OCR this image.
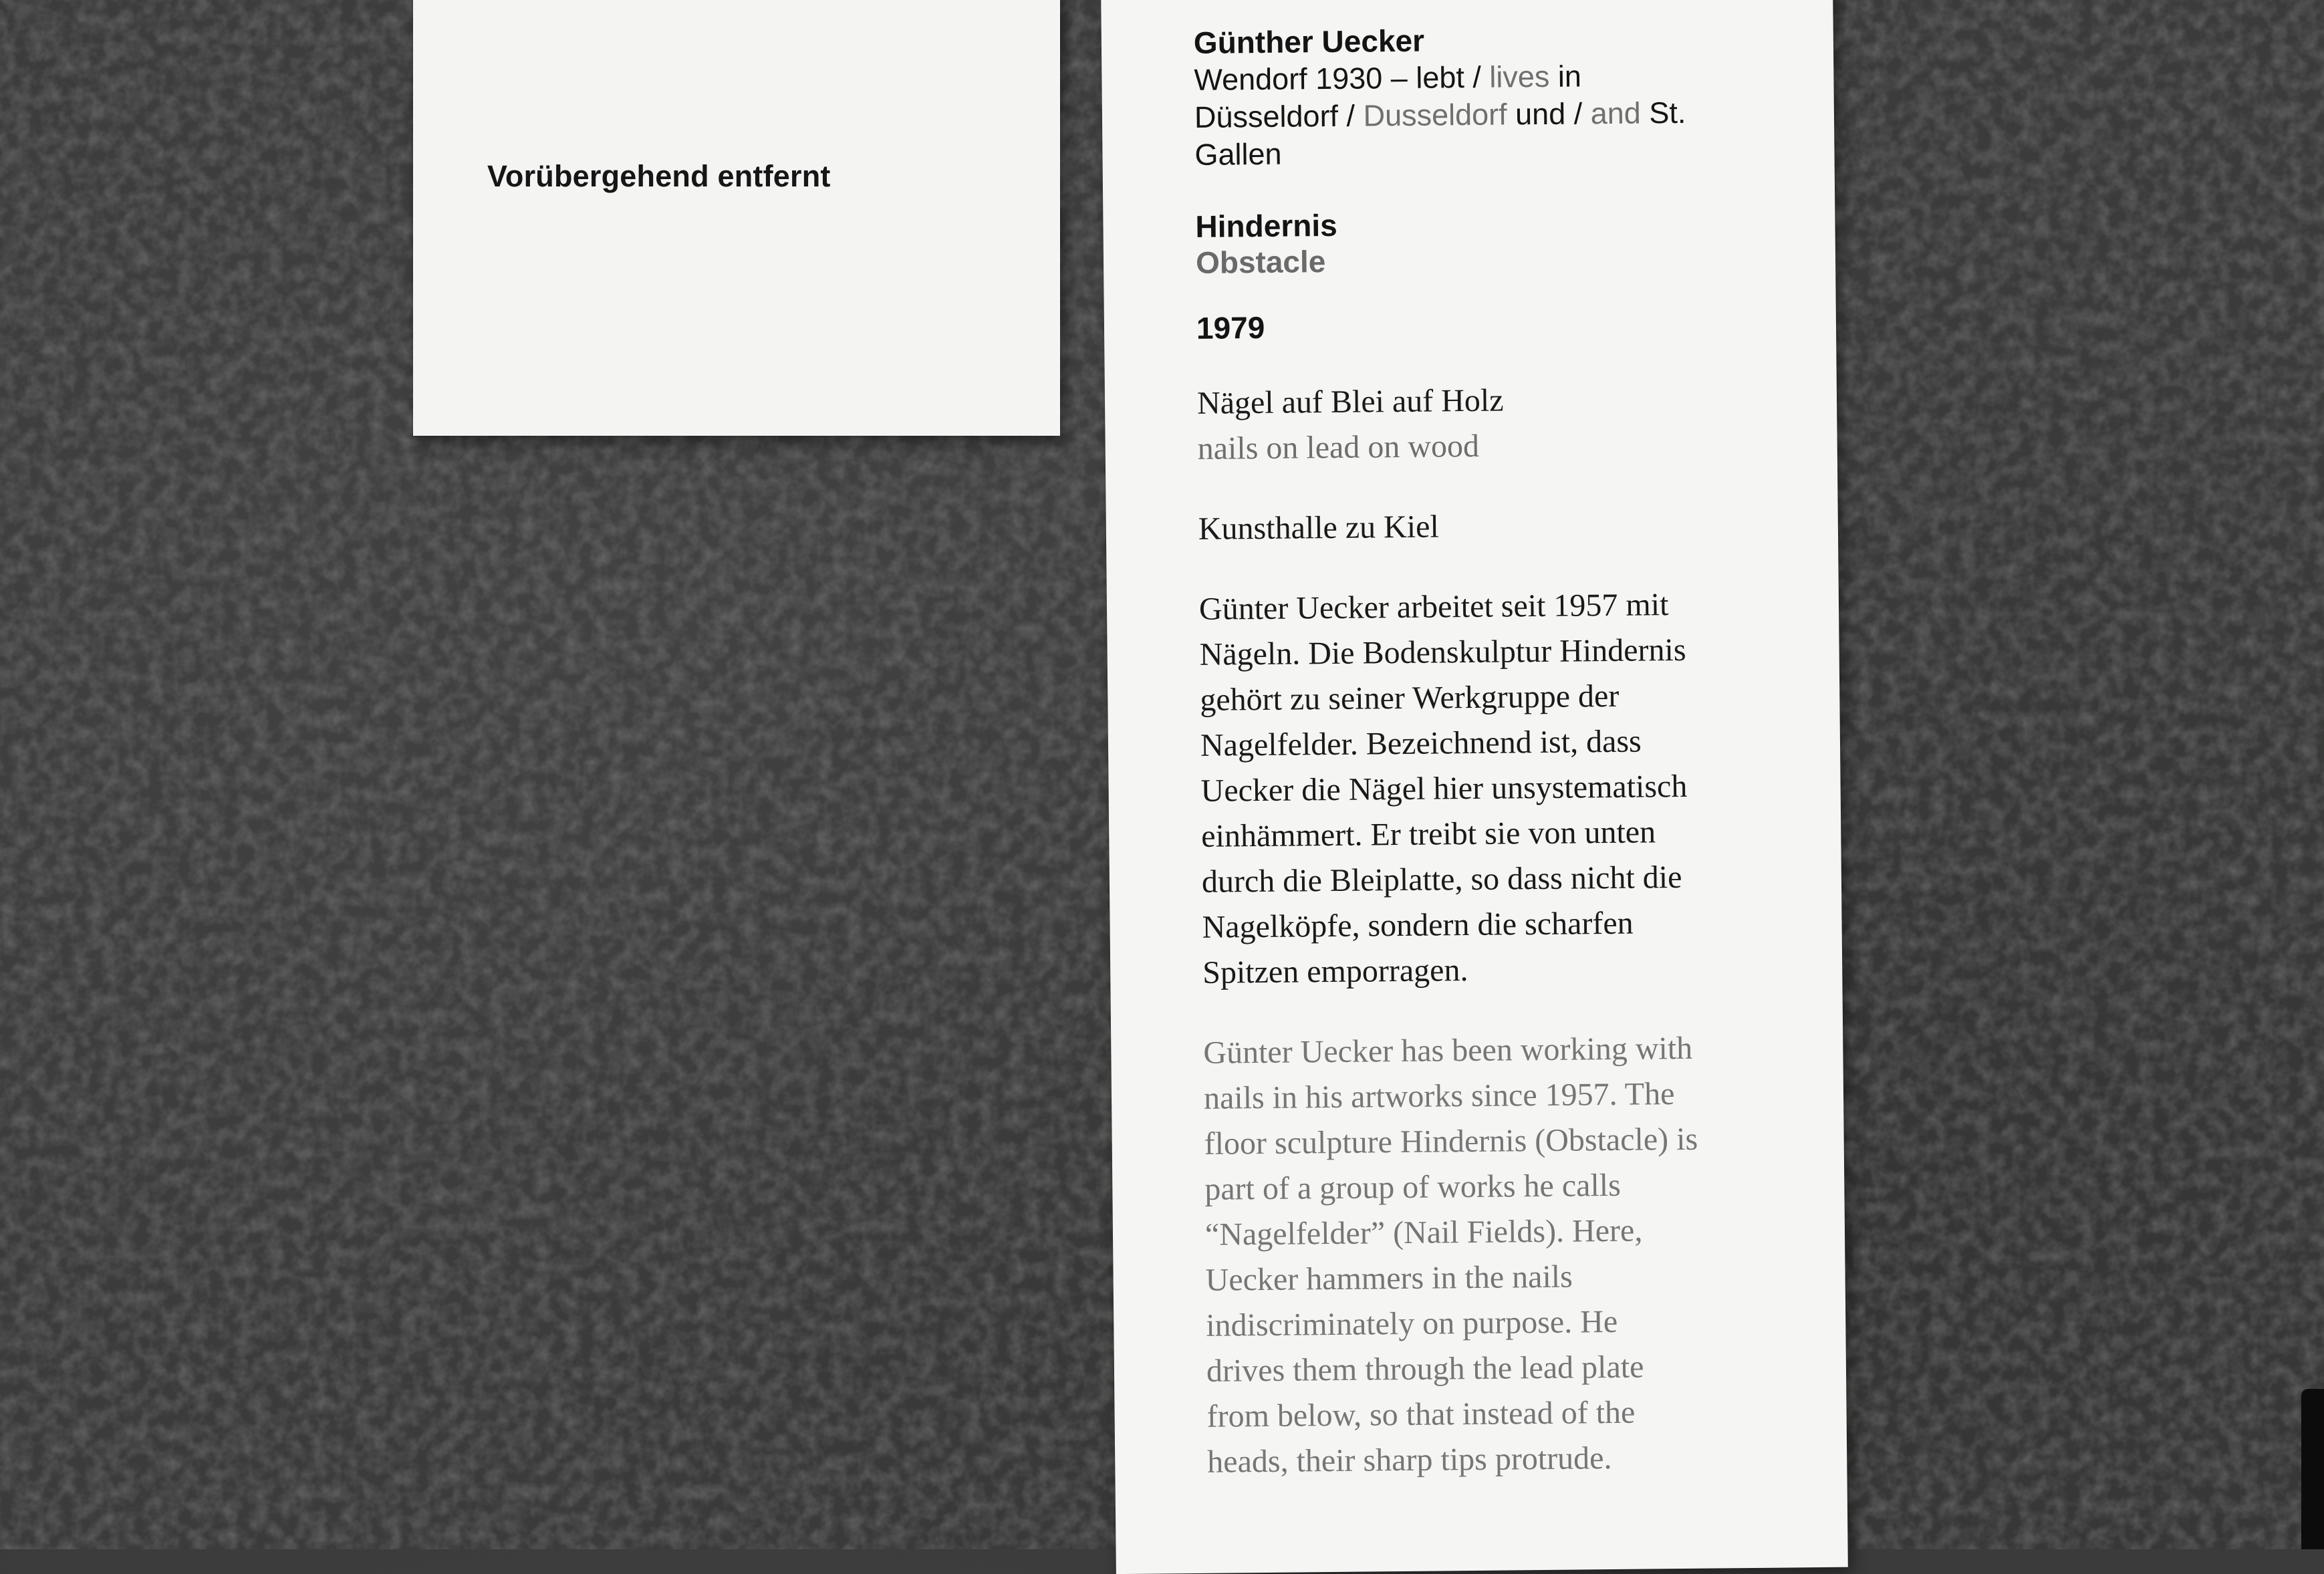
Vorübergehend entfernt
Günther Uecker
Wendorf 1930 – lebt / lives in
Düsseldorf / Dusseldorf und / and St.
Gallen
Hindernis
Obstacle
1979
Nägel auf Blei auf Holz
nails on lead on wood
Kunsthalle zu Kiel
Günter Uecker arbeitet seit 1957 mit
Nägeln. Die Bodenskulptur Hindernis
gehört zu seiner Werkgruppe der
Nagelfelder. Bezeichnend ist, dass
Uecker die Nägel hier unsystematisch
einhämmert. Er treibt sie von unten
durch die Bleiplatte, so dass nicht die
Nagelköpfe, sondern die scharfen
Spitzen emporragen.
Günter Uecker has been working with
nails in his artworks since 1957. The
floor sculpture Hindernis (Obstacle) is
part of a group of works he calls
“Nagelfelder” (Nail Fields). Here,
Uecker hammers in the nails
indiscriminately on purpose. He
drives them through the lead plate
from below, so that instead of the
heads, their sharp tips protrude.
